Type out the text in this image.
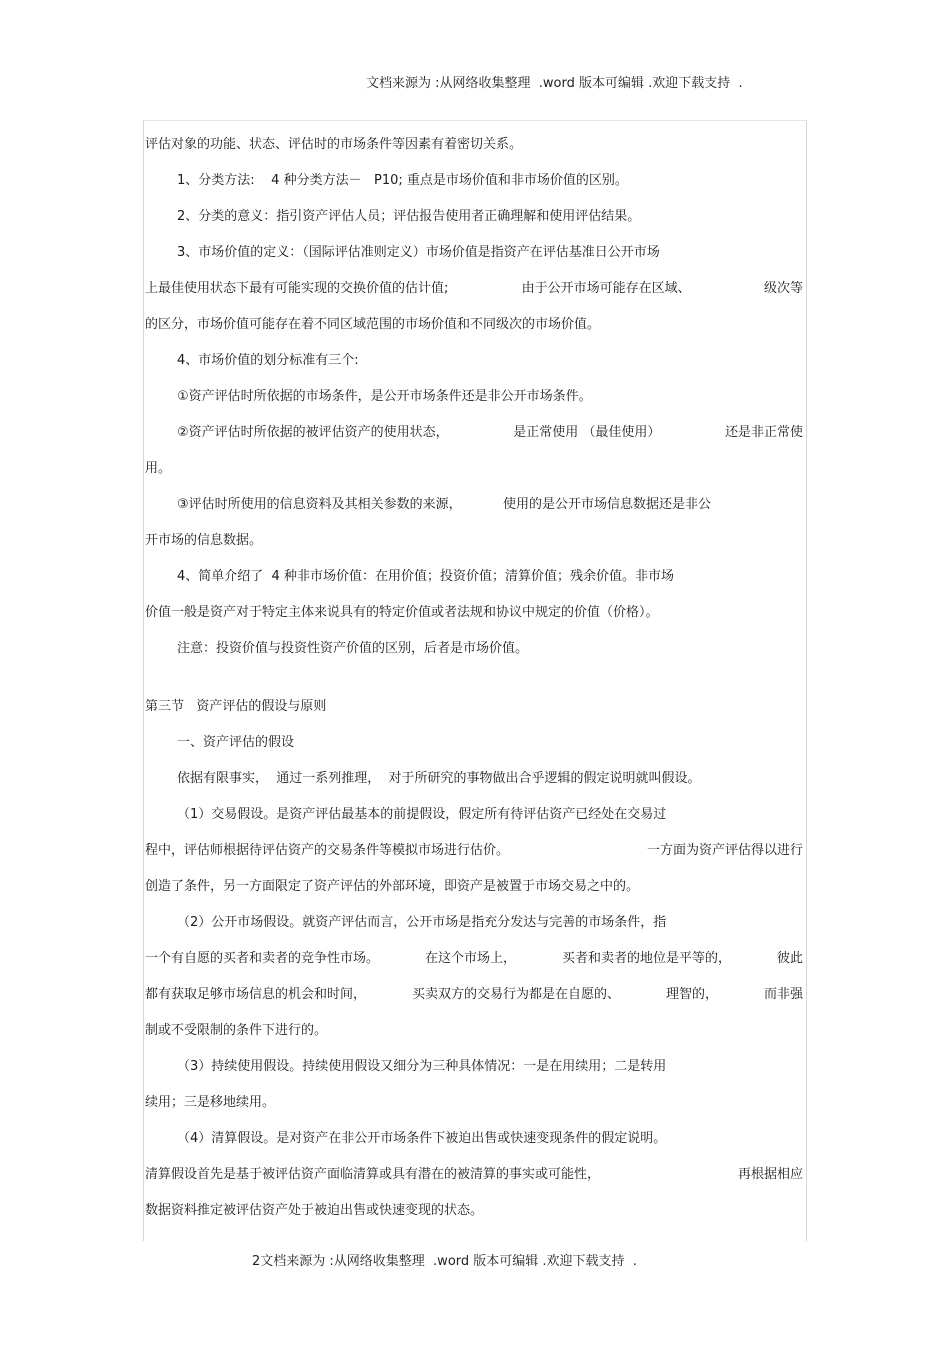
文档来源为 :从网络收集整理  .word 版本可编辑 .欢迎下载支持  .
评估对象的功能、状态、评估时的市场条件等因素有着密切关系。
1、分类方法:    4 种分类方法－   P10; 重点是市场价值和非市场价值的区别。
2、分类的意义：指引资产评估人员；评估报告使用者正确理解和使用评估结果。
3、市场价值的定义：（国际评估准则定义）市场价值是指资产在评估基准日公开市场
上最佳使用状态下最有可能实现的交换价值的估计值;	由于公开市场可能存在区域、	级次等
的区分，市场价值可能存在着不同区域范围的市场价值和不同级次的市场价值。
4、市场价值的划分标准有三个:
①资产评估时所依据的市场条件，是公开市场条件还是非公开市场条件。
②资产评估时所依据的被评估资产的使用状态，	是正常使用 （最佳使用）	还是非正常使
用。
③评估时所使用的信息资料及其相关参数的来源，	使用的是公开市场信息数据还是非公
开市场的信息数据。
4、简单介绍了  4 种非市场价值：在用价值；投资价值；清算价值；残余价值。非市场
价值一般是资产对于特定主体来说具有的特定价值或者法规和协议中规定的价值（价格）。
注意：投资价值与投资性资产价值的区别，后者是市场价值。
第三节   资产评估的假设与原则
一、资产评估的假设
依据有限事实，  通过一系列推理，  对于所研究的事物做出合乎逻辑的假定说明就叫假设。
（1）交易假设。是资产评估最基本的前提假设，假定所有待评估资产已经处在交易过
程中，评估师根据待评估资产的交易条件等模拟市场进行估价。	一方面为资产评估得以进行
创造了条件，另一方面限定了资产评估的外部环境，即资产是被置于市场交易之中的。
（2）公开市场假设。就资产评估而言，公开市场是指充分发达与完善的市场条件，指
一个有自愿的买者和卖者的竞争性市场。	在这个市场上，	买者和卖者的地位是平等的，	彼此
都有获取足够市场信息的机会和时间，	买卖双方的交易行为都是在自愿的、	理智的，	而非强
制或不受限制的条件下进行的。
（3）持续使用假设。持续使用假设又细分为三种具体情况：一是在用续用；二是转用
续用；三是移地续用。
（4）清算假设。是对资产在非公开市场条件下被迫出售或快速变现条件的假定说明。
清算假设首先是基于被评估资产面临清算或具有潜在的被清算的事实或可能性，	再根据相应
数据资料推定被评估资产处于被迫出售或快速变现的状态。
2文档来源为 :从网络收集整理  .word 版本可编辑 .欢迎下载支持  .
